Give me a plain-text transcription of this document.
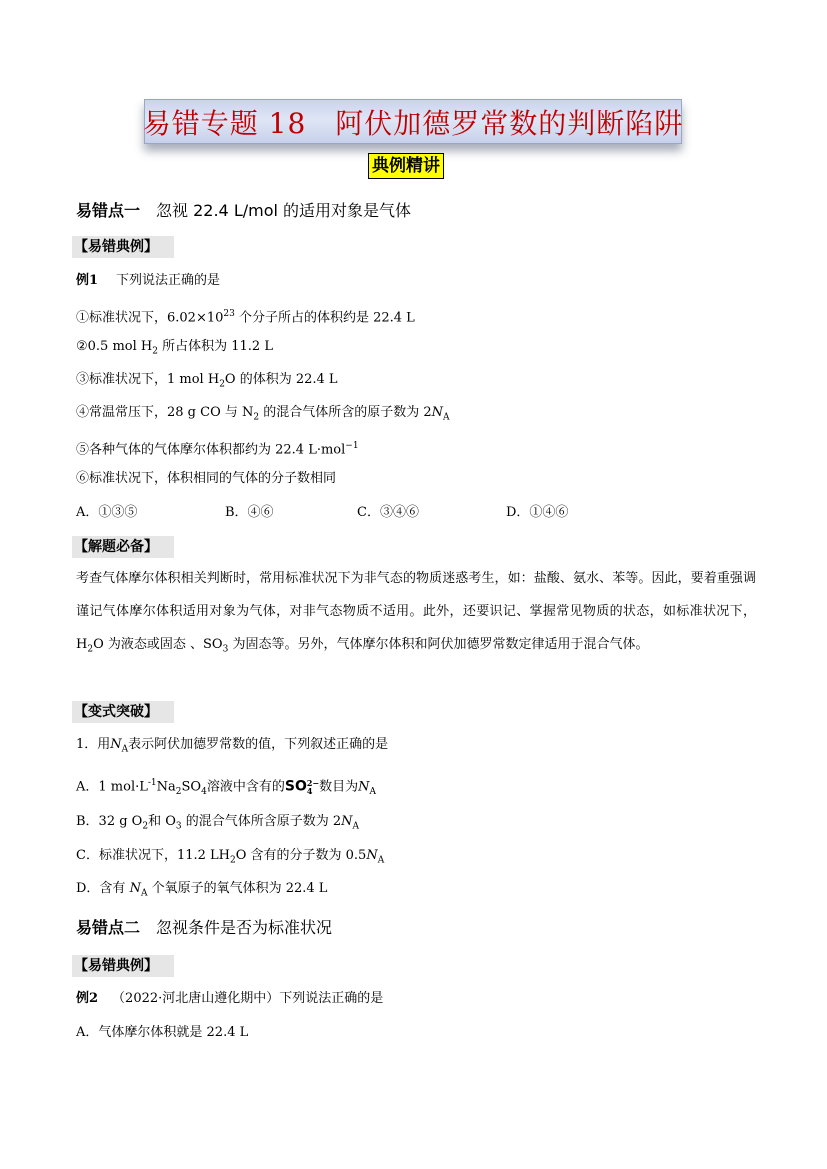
易错专题 18　阿伏加德罗常数的判断陷阱
典例精讲
易错点一 忽视 22.4 L/mol 的适用对象是气体
【易错典例】
例1 下列说法正确的是
①标准状况下，$6.02\times 10^{23}$ 个分子所占的体积约是 22.4 L
②0.5 mol $H_2$ 所占体积为 11.2 L
③标准状况下，1 mol $H_2O$ 的体积为 22.4 L
④常温常压下，28 g CO 与 $N_2$ 的混合气体所含的原子数为 $2N_A$
⑤各种气体的气体摩尔体积都约为 22.4 L·mol$^{-1}$
⑥标准状况下，体积相同的气体的分子数相同
A．①③⑤	B．④⑥	C．③④⑥	D．①④⑥
【解题必备】
考查气体摩尔体积相关判断时，常用标准状况下为非气态的物质迷惑考生，如：盐酸、氨水、苯等。因此，要着重强调谨记气体摩尔体积适用对象为气体，对非气态物质不适用。此外，还要识记、掌握常见物质的状态，如标准状况下，$H_2O$ 为液态或固态 、$SO_3$ 为固态等。另外，气体摩尔体积和阿伏加德罗常数定律适用于混合气体。
【变式突破】
1．用$N_A$表示阿伏加德罗常数的值，下列叙述正确的是
A．1 $mol\cdot L^{-1}Na_2SO_4$溶液中含有的SO 2−
4 数目为$N_A$
B．32 g $O_2$和 $O_3$ 的混合气体所含原子数为 $2N_A$
C．标准状况下，11.2 $LH_2O$ 含有的分子数为 $0.5N_A$
D．含有 $N_A$ 个氧原子的氧气体积为 22.4 L
易错点二 忽视条件是否为标准状况
【易错典例】
例2 （2022·河北唐山遵化期中）下列说法正确的是
A．气体摩尔体积就是 22.4 L
